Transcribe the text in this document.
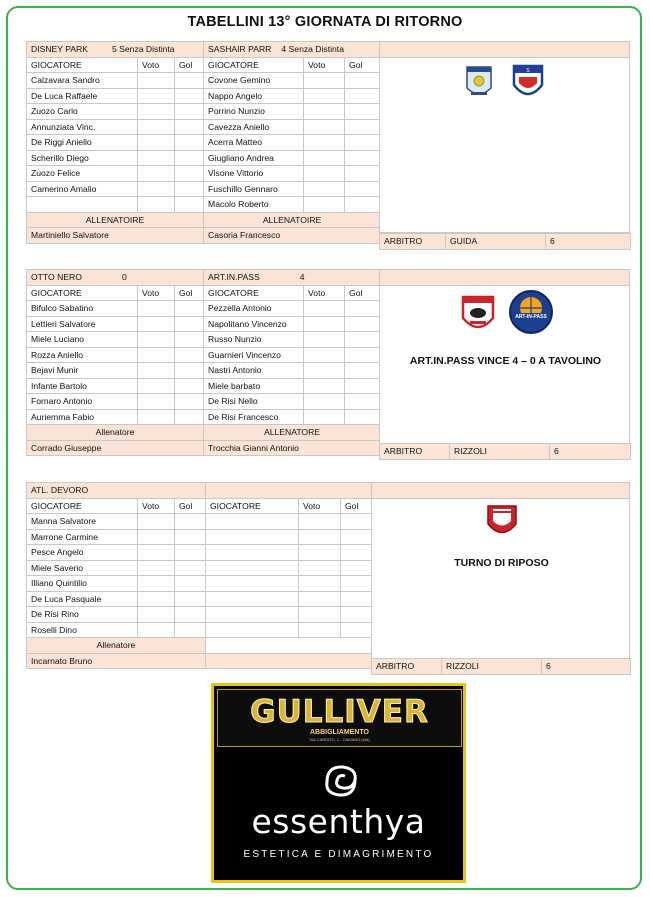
TABELLINI 13° GIORNATA DI RITORNO
DISNEY PARK 5 Senza Distinta			SASHAIR PARR 4 Senza Distinta		
GIOCATORE	Voto	Gol	GIOCATORE	Voto	Gol
Calzavara Sandro			Covone Gemino		
De Luca Raffaele			Nappo Angelo		
Zuozo Carlo			Porrino Nunzio		
Annunziata Vinc.			Cavezza Aniello		
De Riggi Aniello			Acerra Matteo		
Scherillo Diego			Giugliano Andrea		
Zuozo Felice			Visone Vittorio		
Camerino Amalio			Fuschillo Gennaro		
			Macolo Roberto		
ALLENATOIRE			ALLENATOIRE		
Martiniello Salvatore			Casoria Francesco		
S
ARBITRO	GUIDA	6
OTTO NERO 0			ART.IN.PASS 4		
GIOCATORE	Voto	Gol	GIOCATORE	Voto	Gol
Bifulco Sabatino			Pezzella Antonio		
Lettieri Salvatore			Napolitano Vincenzo		
Miele Luciano			Russo Nunzio		
Rozza Aniello			Guarnieri Vincenzo		
Bejavi Munir			Nastri Antonio		
Infante Bartolo			Miele barbato		
Fornaro Antonio			De Risi Nello		
Auriemma Fabio			De Risi Francesco		
Allenatore			ALLENATORE		
Corrado Giuseppe			Trocchia Gianni Antonio		
ART-IN-PASS
ART.IN.PASS VINCE 4 – 0 A TAVOLINO
ARBITRO	RIZZOLI	6
ATL. DEVORO					
GIOCATORE	Voto	Gol	GIOCATORE	Voto	Gol
Manna Salvatore					
Marrone Carmine					
Pesce Angelo					
Miele Saverio					
Illiano Quintilio					
De Luca Pasquale					
De Risi Rino					
Roselli Dino					
Allenatore					
Incarnato Bruno					
TURNO DI RIPOSO
ARBITRO	RIZZOLI	6
GULLIVER
ABBIGLIAMENTO
VIA CARDITO, 1 - CAIVANO (NA)
essenthya
ESTETICA E DIMAGRIMENTO
